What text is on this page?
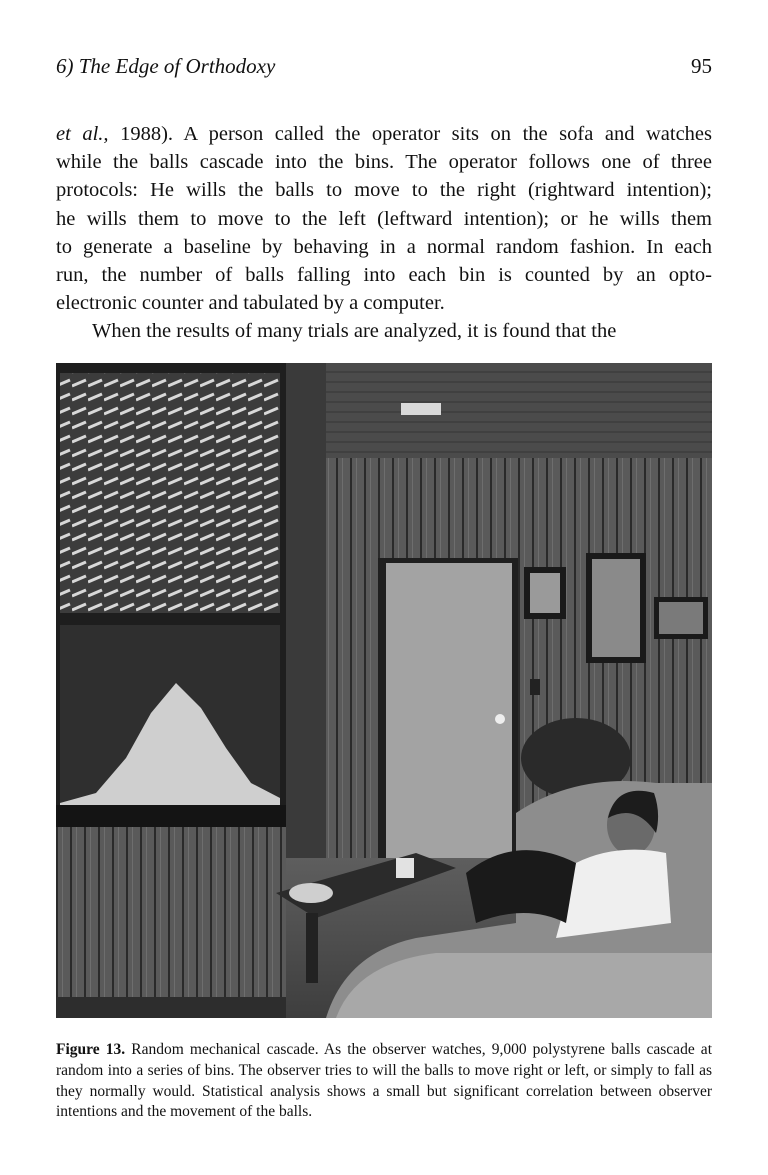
6) The Edge of Orthodoxy	95

et al., 1988). A person called the operator sits on the sofa and watches

while the balls cascade into the bins. The operator follows one of three

protocols: He wills the balls to move to the right (rightward intention);

he wills them to move to the left (leftward intention); or he wills them

to generate a baseline by behaving in a normal random fashion. In each

run, the number of balls falling into each bin is counted by an opto-

electronic counter and tabulated by a computer.

When the results of many trials are analyzed, it is found that the

Figure 13. Random mechanical cascade. As the observer watches, 9,000 polystyrene balls cascade at random into a series of bins. The observer tries to will the balls to move right or left, or simply to fall as they normally would. Statistical analysis shows a small but significant correlation between observer intentions and the movement of the balls.
